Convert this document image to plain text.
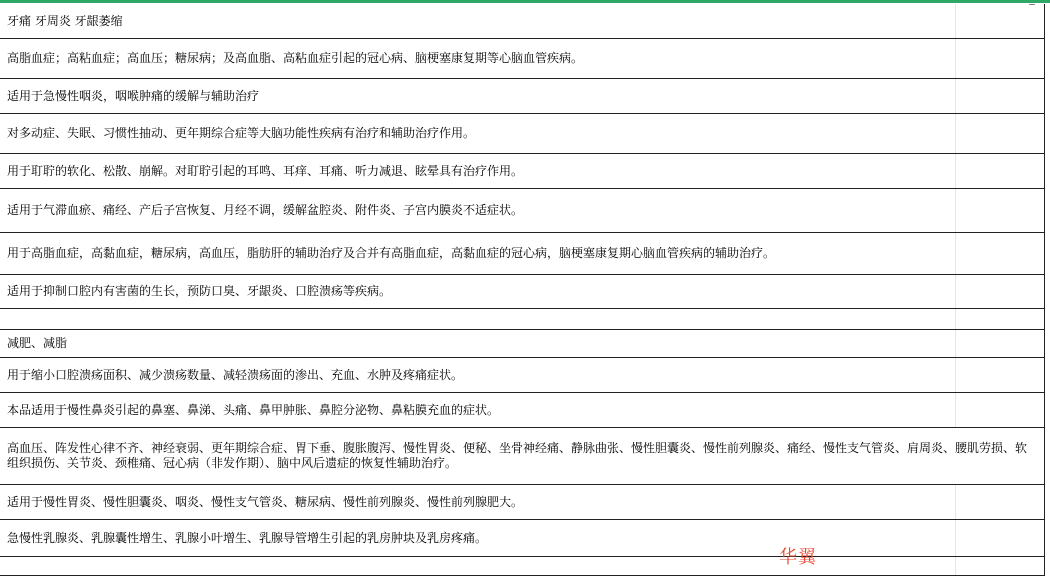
牙痛 牙周炎 牙龈萎缩
高脂血症；高粘血症；高血压；糖尿病；及高血脂、高粘血症引起的冠心病、脑梗塞康复期等心脑血管疾病。
适用于急慢性咽炎，咽喉肿痛的缓解与辅助治疗
对多动症、失眠、习惯性抽动、更年期综合症等大脑功能性疾病有治疗和辅助治疗作用。
用于耵聍的软化、松散、崩解。对耵聍引起的耳鸣、耳痒、耳痛、听力减退、眩晕具有治疗作用。
适用于气滞血瘀、痛经、产后子宫恢复、月经不调，缓解盆腔炎、附件炎、子宫内膜炎不适症状。
用于高脂血症，高黏血症，糖尿病，高血压，脂肪肝的辅助治疗及合并有高脂血症，高黏血症的冠心病，脑梗塞康复期心脑血管疾病的辅助治疗。
适用于抑制口腔内有害菌的生长，预防口臭、牙龈炎、口腔溃疡等疾病。
减肥、减脂
用于缩小口腔溃疡面积、减少溃疡数量、减轻溃疡面的渗出、充血、水肿及疼痛症状。
本品适用于慢性鼻炎引起的鼻塞、鼻涕、头痛、鼻甲肿胀、鼻腔分泌物、鼻粘膜充血的症状。
高血压、阵发性心律不齐、神经衰弱、更年期综合症、胃下垂、腹胀腹泻、慢性胃炎、便秘、坐骨神经痛、静脉曲张、慢性胆囊炎、慢性前列腺炎、痛经、慢性支气管炎、肩周炎、腰肌劳损、软组织损伤、关节炎、颈椎痛、冠心病（非发作期）、脑中风后遗症的恢复性辅助治疗。
适用于慢性胃炎、慢性胆囊炎、咽炎、慢性支气管炎、糖尿病、慢性前列腺炎、慢性前列腺肥大。
急慢性乳腺炎、乳腺囊性增生、乳腺小叶增生、乳腺导管增生引起的乳房肿块及乳房疼痛。
华翼
